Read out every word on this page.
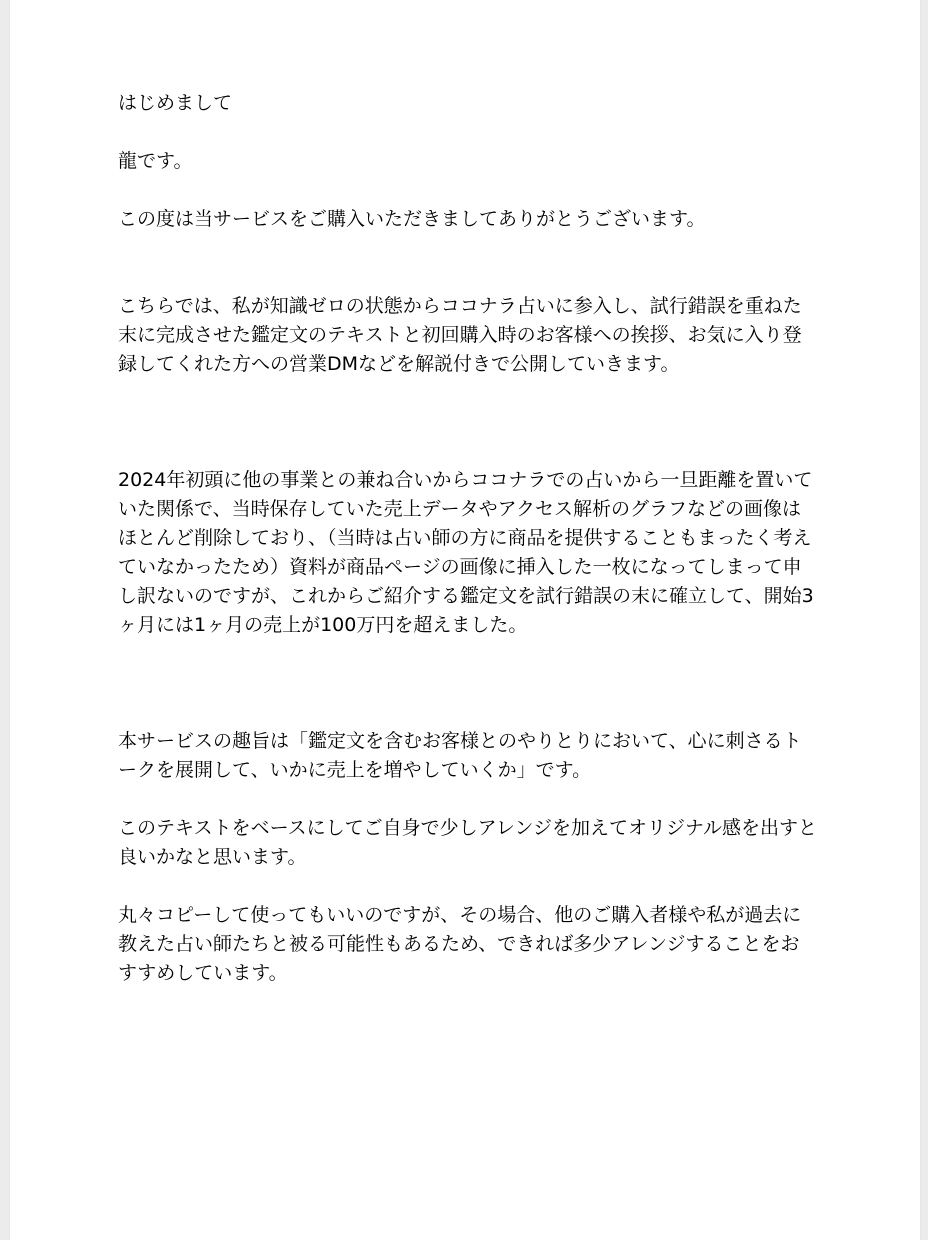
はじめまして

龍です。

この度は当サービスをご購入いただきましてありがとうございます。

こちらでは、私が知識ゼロの状態からココナラ占いに参入し、試行錯誤を重ねた末に完成させた鑑定文のテキストと初回購入時のお客様への挨拶、お気に入り登録してくれた方への営業DMなどを解説付きで公開していきます。

2024年初頭に他の事業との兼ね合いからココナラでの占いから一旦距離を置いていた関係で、当時保存していた売上データやアクセス解析のグラフなどの画像はほとんど削除しており、（当時は占い師の方に商品を提供することもまったく考えていなかったため）資料が商品ページの画像に挿入した一枚になってしまって申し訳ないのですが、これからご紹介する鑑定文を試行錯誤の末に確立して、開始3ヶ月には1ヶ月の売上が100万円を超えました。

本サービスの趣旨は「鑑定文を含むお客様とのやりとりにおいて、心に刺さるトークを展開して、いかに売上を増やしていくか」です。

このテキストをベースにしてご自身で少しアレンジを加えてオリジナル感を出すと良いかなと思います。

丸々コピーして使ってもいいのですが、その場合、他のご購入者様や私が過去に教えた占い師たちと被る可能性もあるため、できれば多少アレンジすることをおすすめしています。
